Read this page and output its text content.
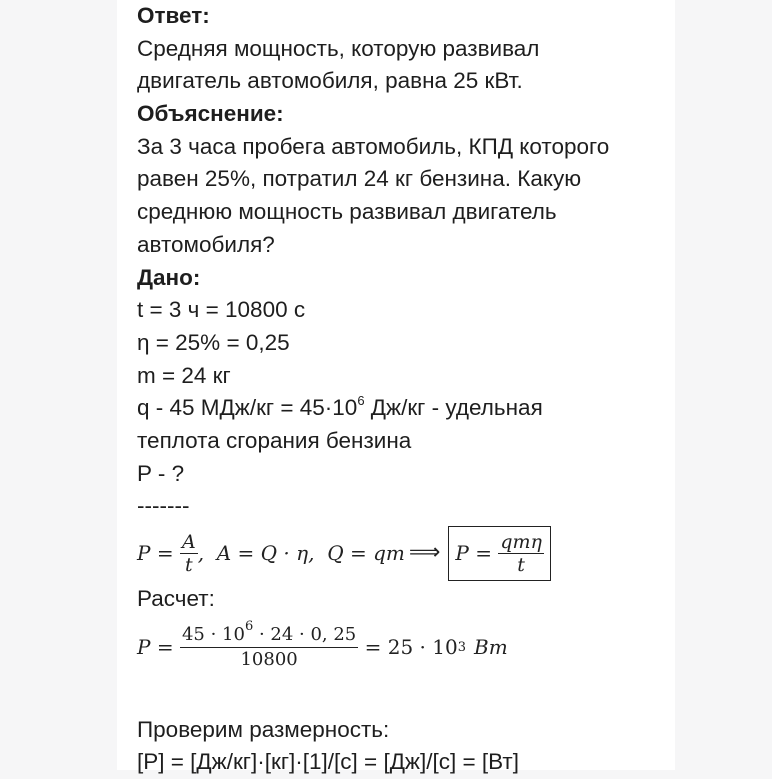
Ответ:
Средняя мощность, которую развивал
двигатель автомобиля, равна 25 кВт.
Объяснение:
За 3 часа пробега автомобиль, КПД которого
равен 25%, потратил 24 кг бензина. Какую
среднюю мощность развивал двигатель
автомобиля?
Дано:
t = 3 ч = 10800 с
η = 25% = 0,25
m = 24 кг
q - 45 $МДж/кг = 45\cdot 10^6$ Дж/кг - удельная
теплота сгорания бензина
P - ?
-------
$P = \frac{A}{t}$ ,  A = Q · η,  Q = qm ⟹ $P = \frac{\text{qmη}}{t}$
Расчет:
$P = \frac{45 \cdot 10^6 \cdot 24 \cdot 0, 25}{10800} = 25 \cdot 10$ 3 Вт
Проверим размерность:
[P] = [Дж/кг]·[кг]·[1]/[с] = [Дж]/[с] = [Вт]
